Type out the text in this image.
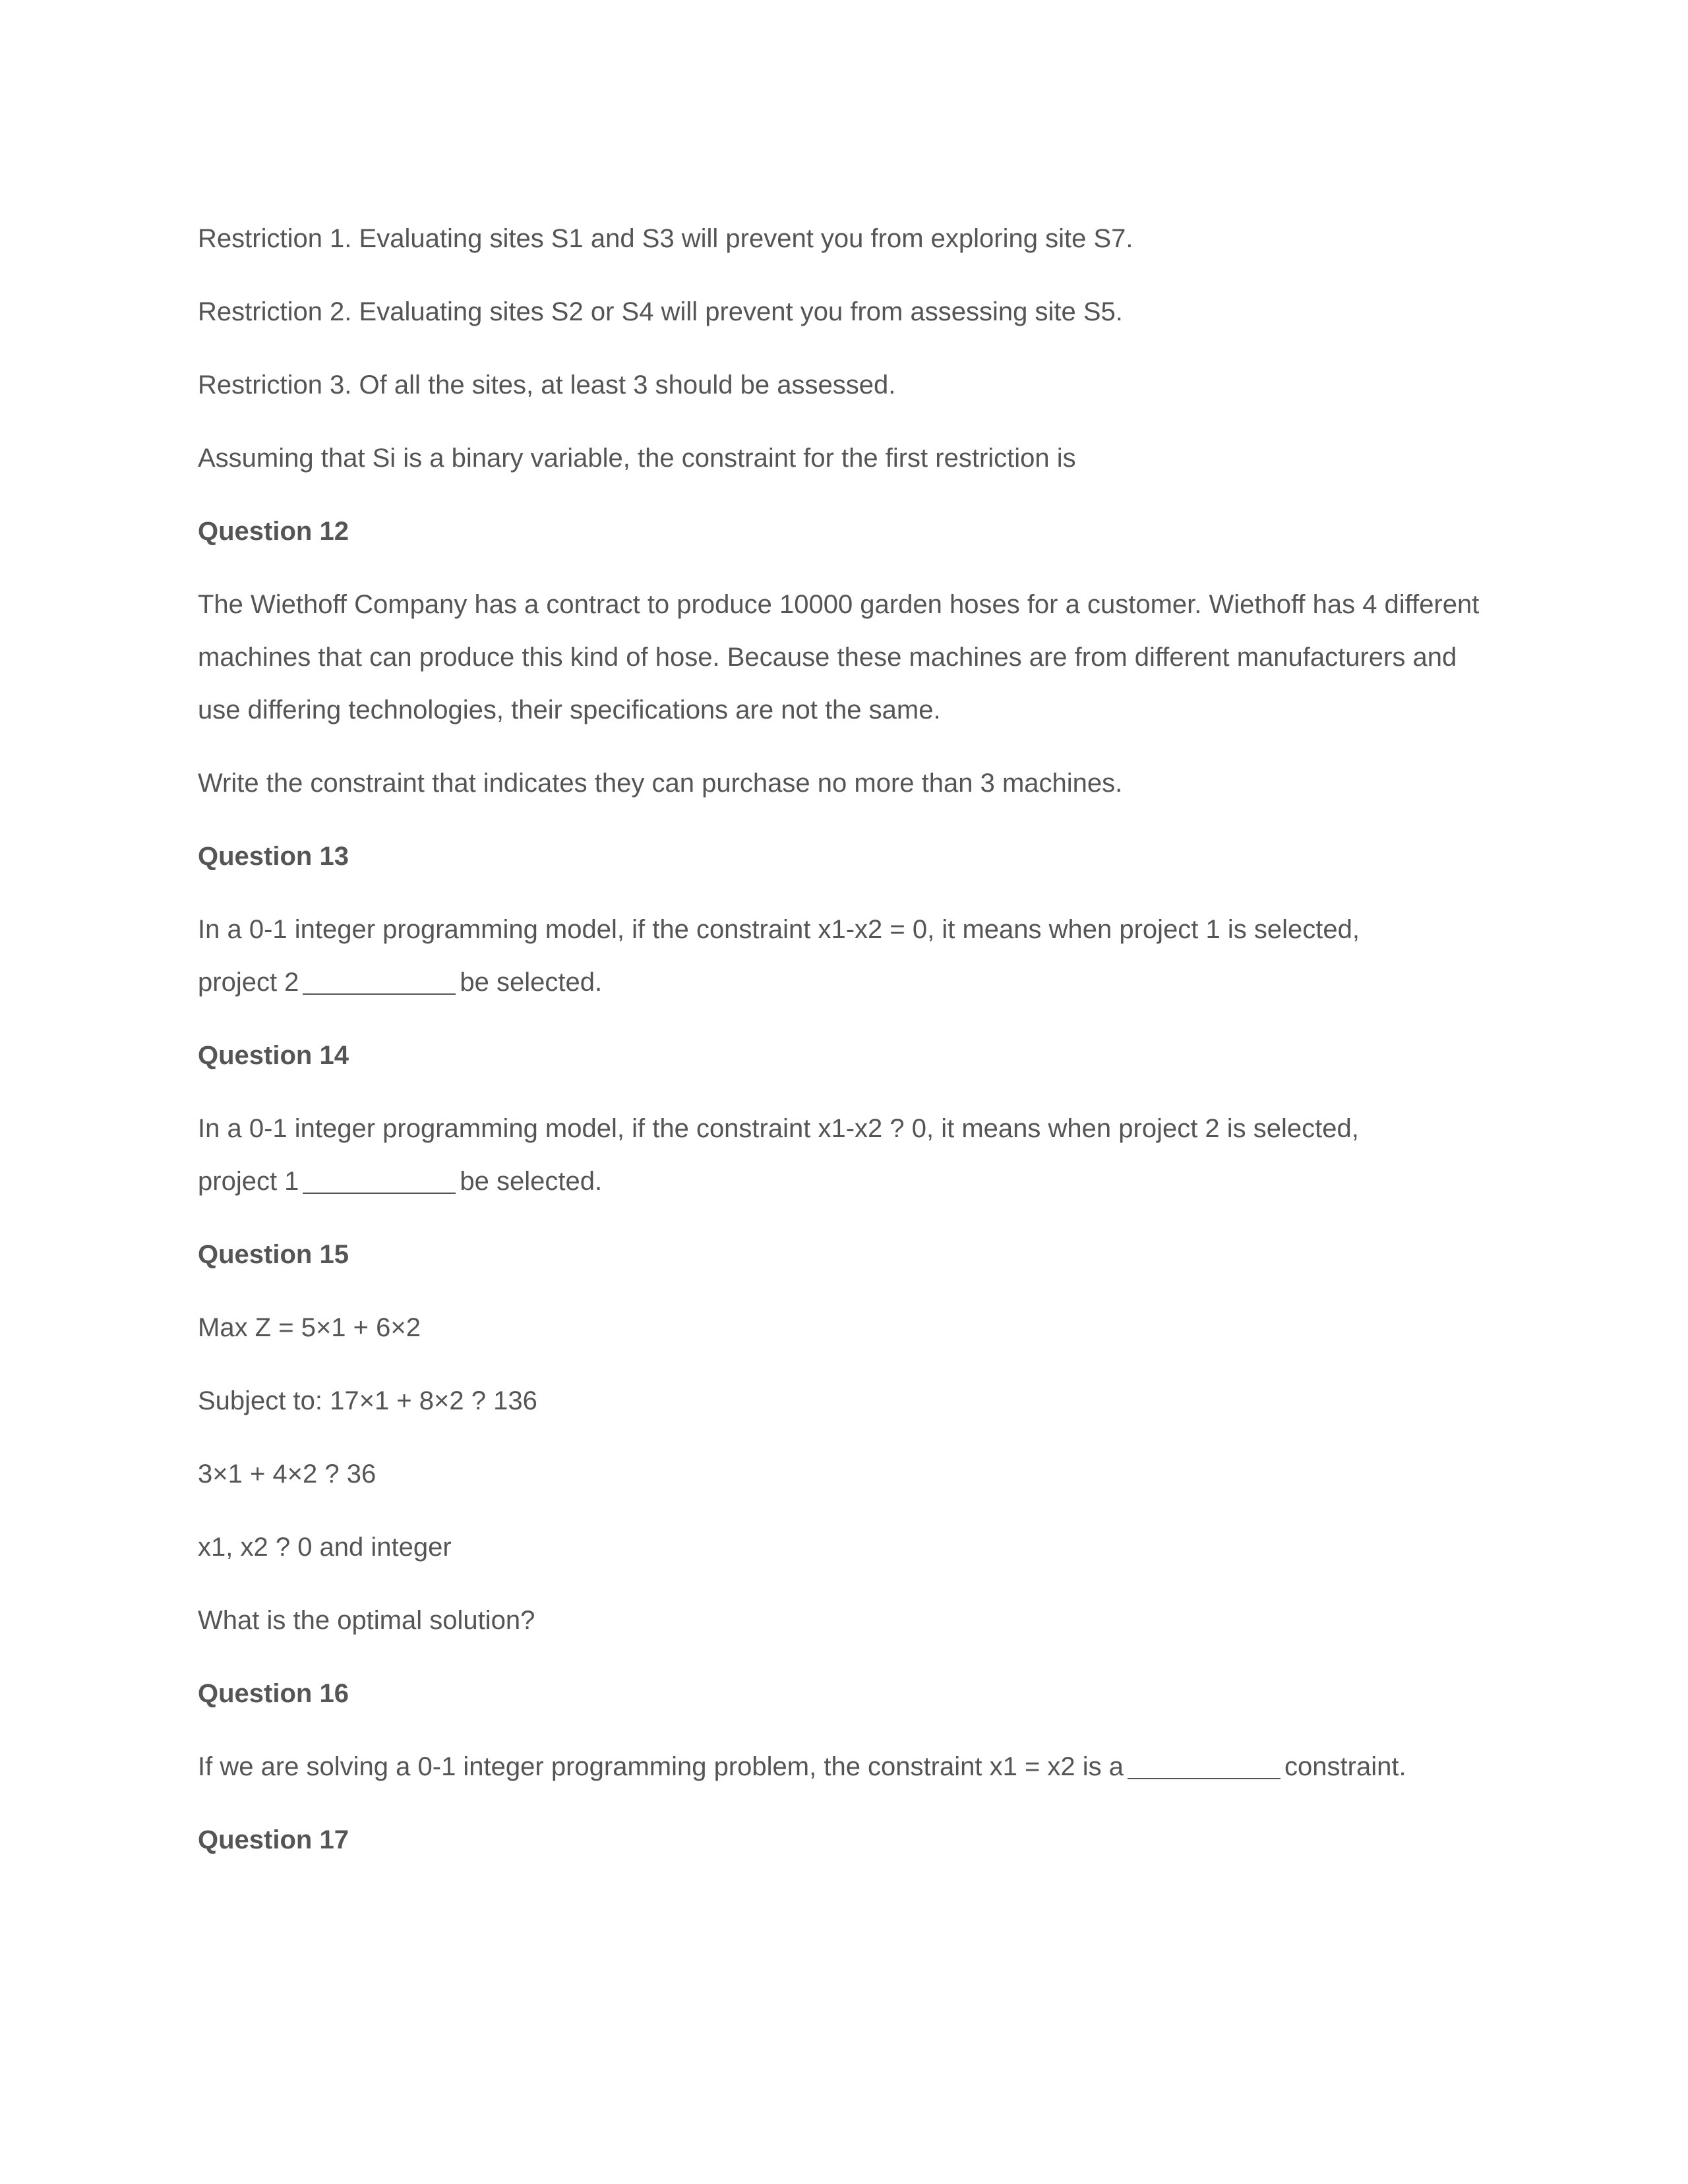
Restriction 1. Evaluating sites S1 and S3 will prevent you from exploring site S7.

Restriction 2. Evaluating sites S2 or S4 will prevent you from assessing site S5.

Restriction 3. Of all the sites, at least 3 should be assessed.

Assuming that Si is a binary variable, the constraint for the first restriction is

Question 12

The Wiethoff Company has a contract to produce 10000 garden hoses for a customer. Wiethoff has 4 different machines that can produce this kind of hose. Because these machines are from different manufacturers and use differing technologies, their specifications are not the same.

Write the constraint that indicates they can purchase no more than 3 machines.

Question 13

In a 0-1 integer programming model, if the constraint x1-x2 = 0, it means when project 1 is selected,
project 2	be selected.

Question 14

In a 0-1 integer programming model, if the constraint x1-x2 ? 0, it means when project 2 is selected,
project 1	be selected.

Question 15

Max Z = 5×1 + 6×2

Subject to: 17×1 + 8×2 ? 136

3×1 + 4×2 ? 36

x1, x2 ? 0 and integer

What is the optimal solution?

Question 16

If we are solving a 0-1 integer programming problem, the constraint x1 = x2 is a	constraint.

Question 17
